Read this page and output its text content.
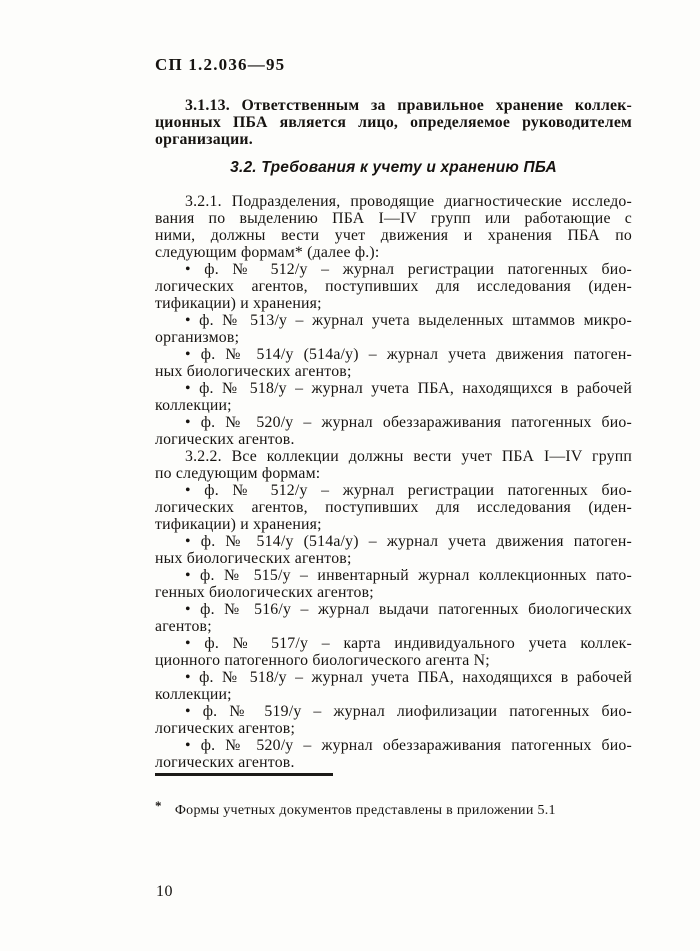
СП 1.2.036—95
3.1.13. Ответственным за правильное хранение коллек-
ционных ПБА является лицо, определяемое руководителем
организации.
3.2. Требования к учету и хранению ПБА
3.2.1. Подразделения, проводящие диагностические исследо-
вания по выделению ПБА I—IV групп или работающие с
ними, должны вести учет движения и хранения ПБА по
следующим формам* (далее ф.):
• ф. № 512/у – журнал регистрации патогенных био-
логических агентов, поступивших для исследования (иден-
тификации) и хранения;
• ф. № 513/у – журнал учета выделенных штаммов микро-
организмов;
• ф. № 514/у (514а/у) – журнал учета движения патоген-
ных биологических агентов;
• ф. № 518/у – журнал учета ПБА, находящихся в рабочей
коллекции;
• ф. № 520/у – журнал обеззараживания патогенных био-
логических агентов.
3.2.2. Все коллекции должны вести учет ПБА I—IV групп
по следующим формам:
• ф. № 512/у – журнал регистрации патогенных био-
логических агентов, поступивших для исследования (иден-
тификации) и хранения;
• ф. № 514/у (514а/у) – журнал учета движения патоген-
ных биологических агентов;
• ф. № 515/у – инвентарный журнал коллекционных пато-
генных биологических агентов;
• ф. № 516/у – журнал выдачи патогенных биологических
агентов;
• ф. № 517/у – карта индивидуального учета коллек-
ционного патогенного биологического агента N;
• ф. № 518/у – журнал учета ПБА, находящихся в рабочей
коллекции;
• ф. № 519/у – журнал лиофилизации патогенных био-
логических агентов;
• ф. № 520/у – журнал обеззараживания патогенных био-
логических агентов.
* Формы учетных документов представлены в приложении 5.1
10
